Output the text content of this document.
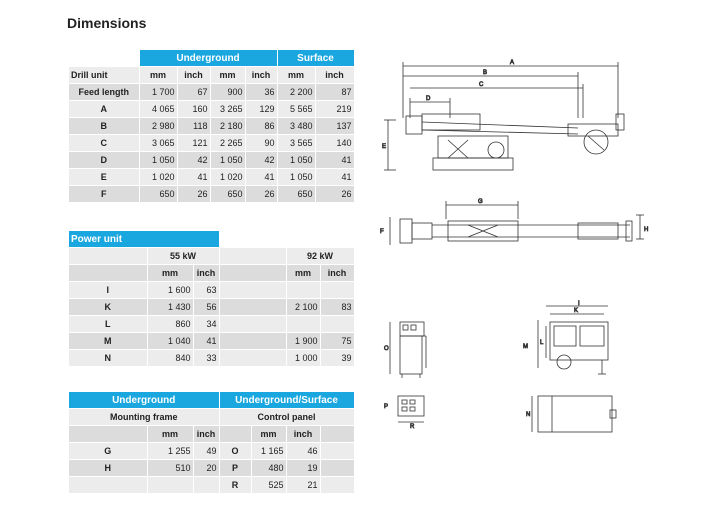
Dimensions
	Underground				Surface	
Drill unit	mm	inch	mm	inch	mm	inch
Feed length	1 700	67	900	36	2 200	87
A	4 065	160	3 265	129	5 565	219
B	2 980	118	2 180	86	3 480	137
C	3 065	121	2 265	90	3 565	140
D	1 050	42	1 050	42	1 050	41
E	1 020	41	1 020	41	1 050	41
F	650	26	650	26	650	26
Power unit					
	55 kW			92 kW	
	mm	inch		mm	inch
I	1 600	63			
K	1 430	56		2 100	83
L	860	34			
M	1 040	41		1 900	75
N	840	33		1 000	39
Underground			Underground/Surface			
Mounting frame			Control panel			
	mm	inch		mm	inch	
G	1 255	49	O	1 165	46	
H	510	20	P	480	19	
			R	525	21	
A
B
C
D
E
G
F	H
O
I
K
M
L
P
R
N
